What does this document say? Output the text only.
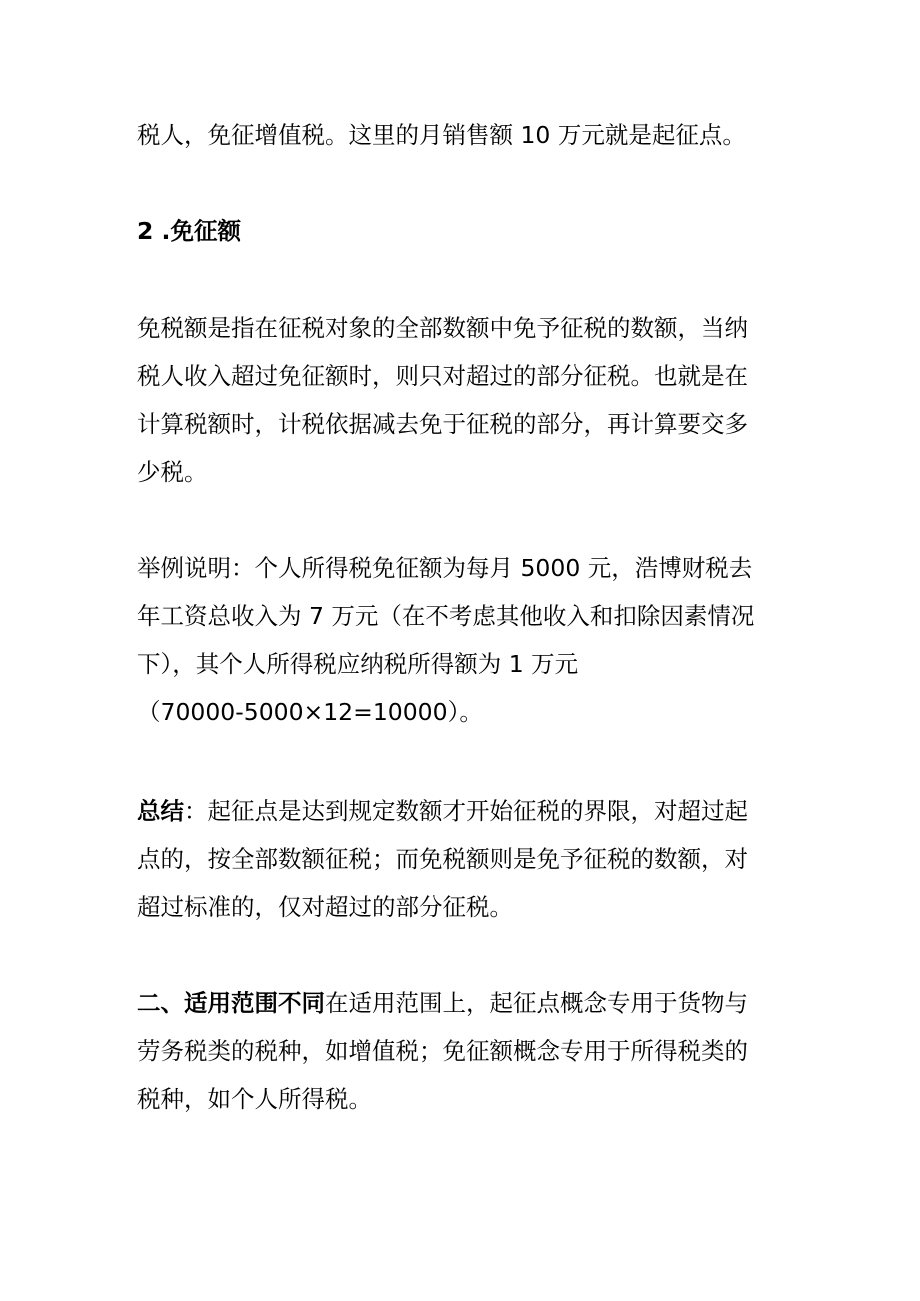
税人，免征增值税。这里的月销售额 10 万元就是起征点。
2 .免征额
免税额是指在征税对象的全部数额中免予征税的数额，当纳
税人收入超过免征额时，则只对超过的部分征税。也就是在
计算税额时，计税依据减去免于征税的部分，再计算要交多
少税。
举例说明：个人所得税免征额为每月 5000 元，浩博财税去
年工资总收入为 7 万元（在不考虑其他收入和扣除因素情况
下），其个人所得税应纳税所得额为 1 万元
（70000-5000×12=10000）。
总结：起征点是达到规定数额才开始征税的界限，对超过起
点的，按全部数额征税；而免税额则是免予征税的数额，对
超过标准的，仅对超过的部分征税。
二、适用范围不同在适用范围上，起征点概念专用于货物与
劳务税类的税种，如增值税；免征额概念专用于所得税类的
税种，如个人所得税。
